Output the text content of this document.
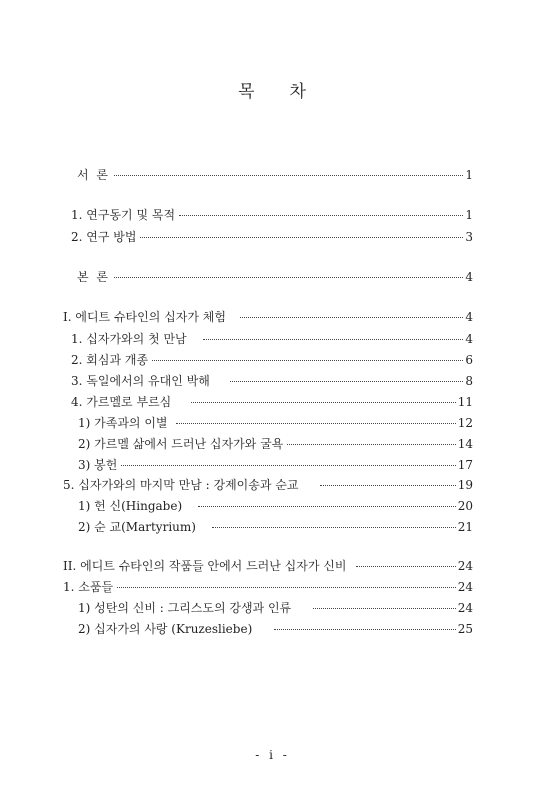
목 차
서 론	1
1. 연구동기 및 목적	1
2. 연구 방법	3
본 론	4
I. 에디트 슈타인의 십자가 체험	4
1. 십자가와의 첫 만남	4
2. 회심과 개종	6
3. 독일에서의 유대인 박해	8
4. 가르멜로 부르심	11
1) 가족과의 이별	12
2) 가르멜 삶에서 드러난 십자가와 굴욕	14
3) 봉헌	17
5. 십자가와의 마지막 만남 : 강제이송과 순교	19
1) 헌 신(Hingabe)	20
2) 순 교(Martyrium)	21
II. 에디트 슈타인의 작품들 안에서 드러난 십자가 신비	24
1. 소품들	24
1) 성탄의 신비 : 그리스도의 강생과 인류	24
2) 십자가의 사랑 (Kruzesliebe)	25
- i -
